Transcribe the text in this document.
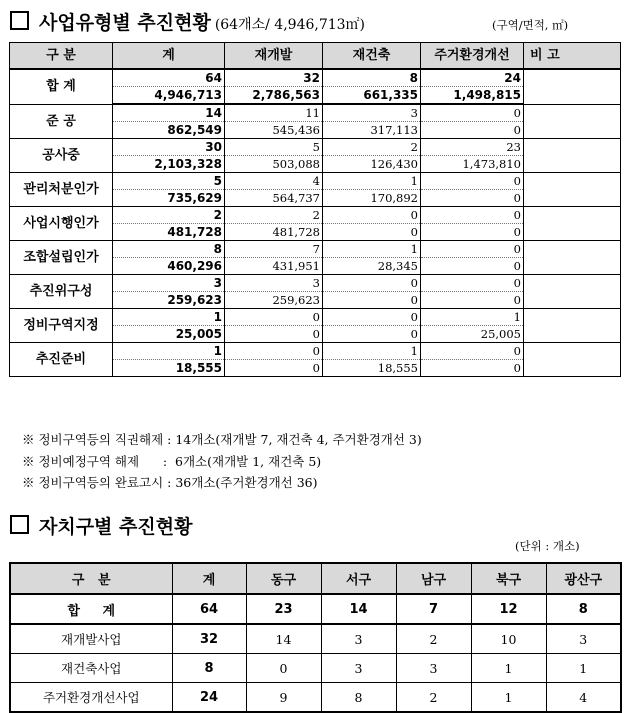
사업유형별 추진현황 (64개소/ 4,946,713㎡)	(구역/면적, ㎡)
구 분	계	재개발	재건축	주거환경개선	비 고
합 계	64	32	8	24	
	4,946,713	2,786,563	661,335	1,498,815	
준 공	14	11	3	0	
	862,549	545,436	317,113	0	
공사중	30	5	2	23	
	2,103,328	503,088	126,430	1,473,810	
관리처분인가	5	4	1	0	
	735,629	564,737	170,892	0	
사업시행인가	2	2	0	0	
	481,728	481,728	0	0	
조합설립인가	8	7	1	0	
	460,296	431,951	28,345	0	
추진위구성	3	3	0	0	
	259,623	259,623	0	0	
정비구역지정	1	0	0	1	
	25,005	0	0	25,005	
추진준비	1	0	1	0	
	18,555	0	18,555	0	
※ 정비구역등의 직권해제 : 14개소(재개발 7, 재건축 4, 주거환경개선 3)
※ 정비예정구역 해제      :  6개소(재개발 1, 재건축 5)
※ 정비구역등의 완료고시 : 36개소(주거환경개선 36)
자치구별 추진현황
(단위 : 개소)
구   분	계	동구	서구	남구	북구	광산구
합     계	64	23	14	7	12	8
재개발사업	32	14	3	2	10	3
재건축사업	8	0	3	3	1	1
주거환경개선사업	24	9	8	2	1	4
